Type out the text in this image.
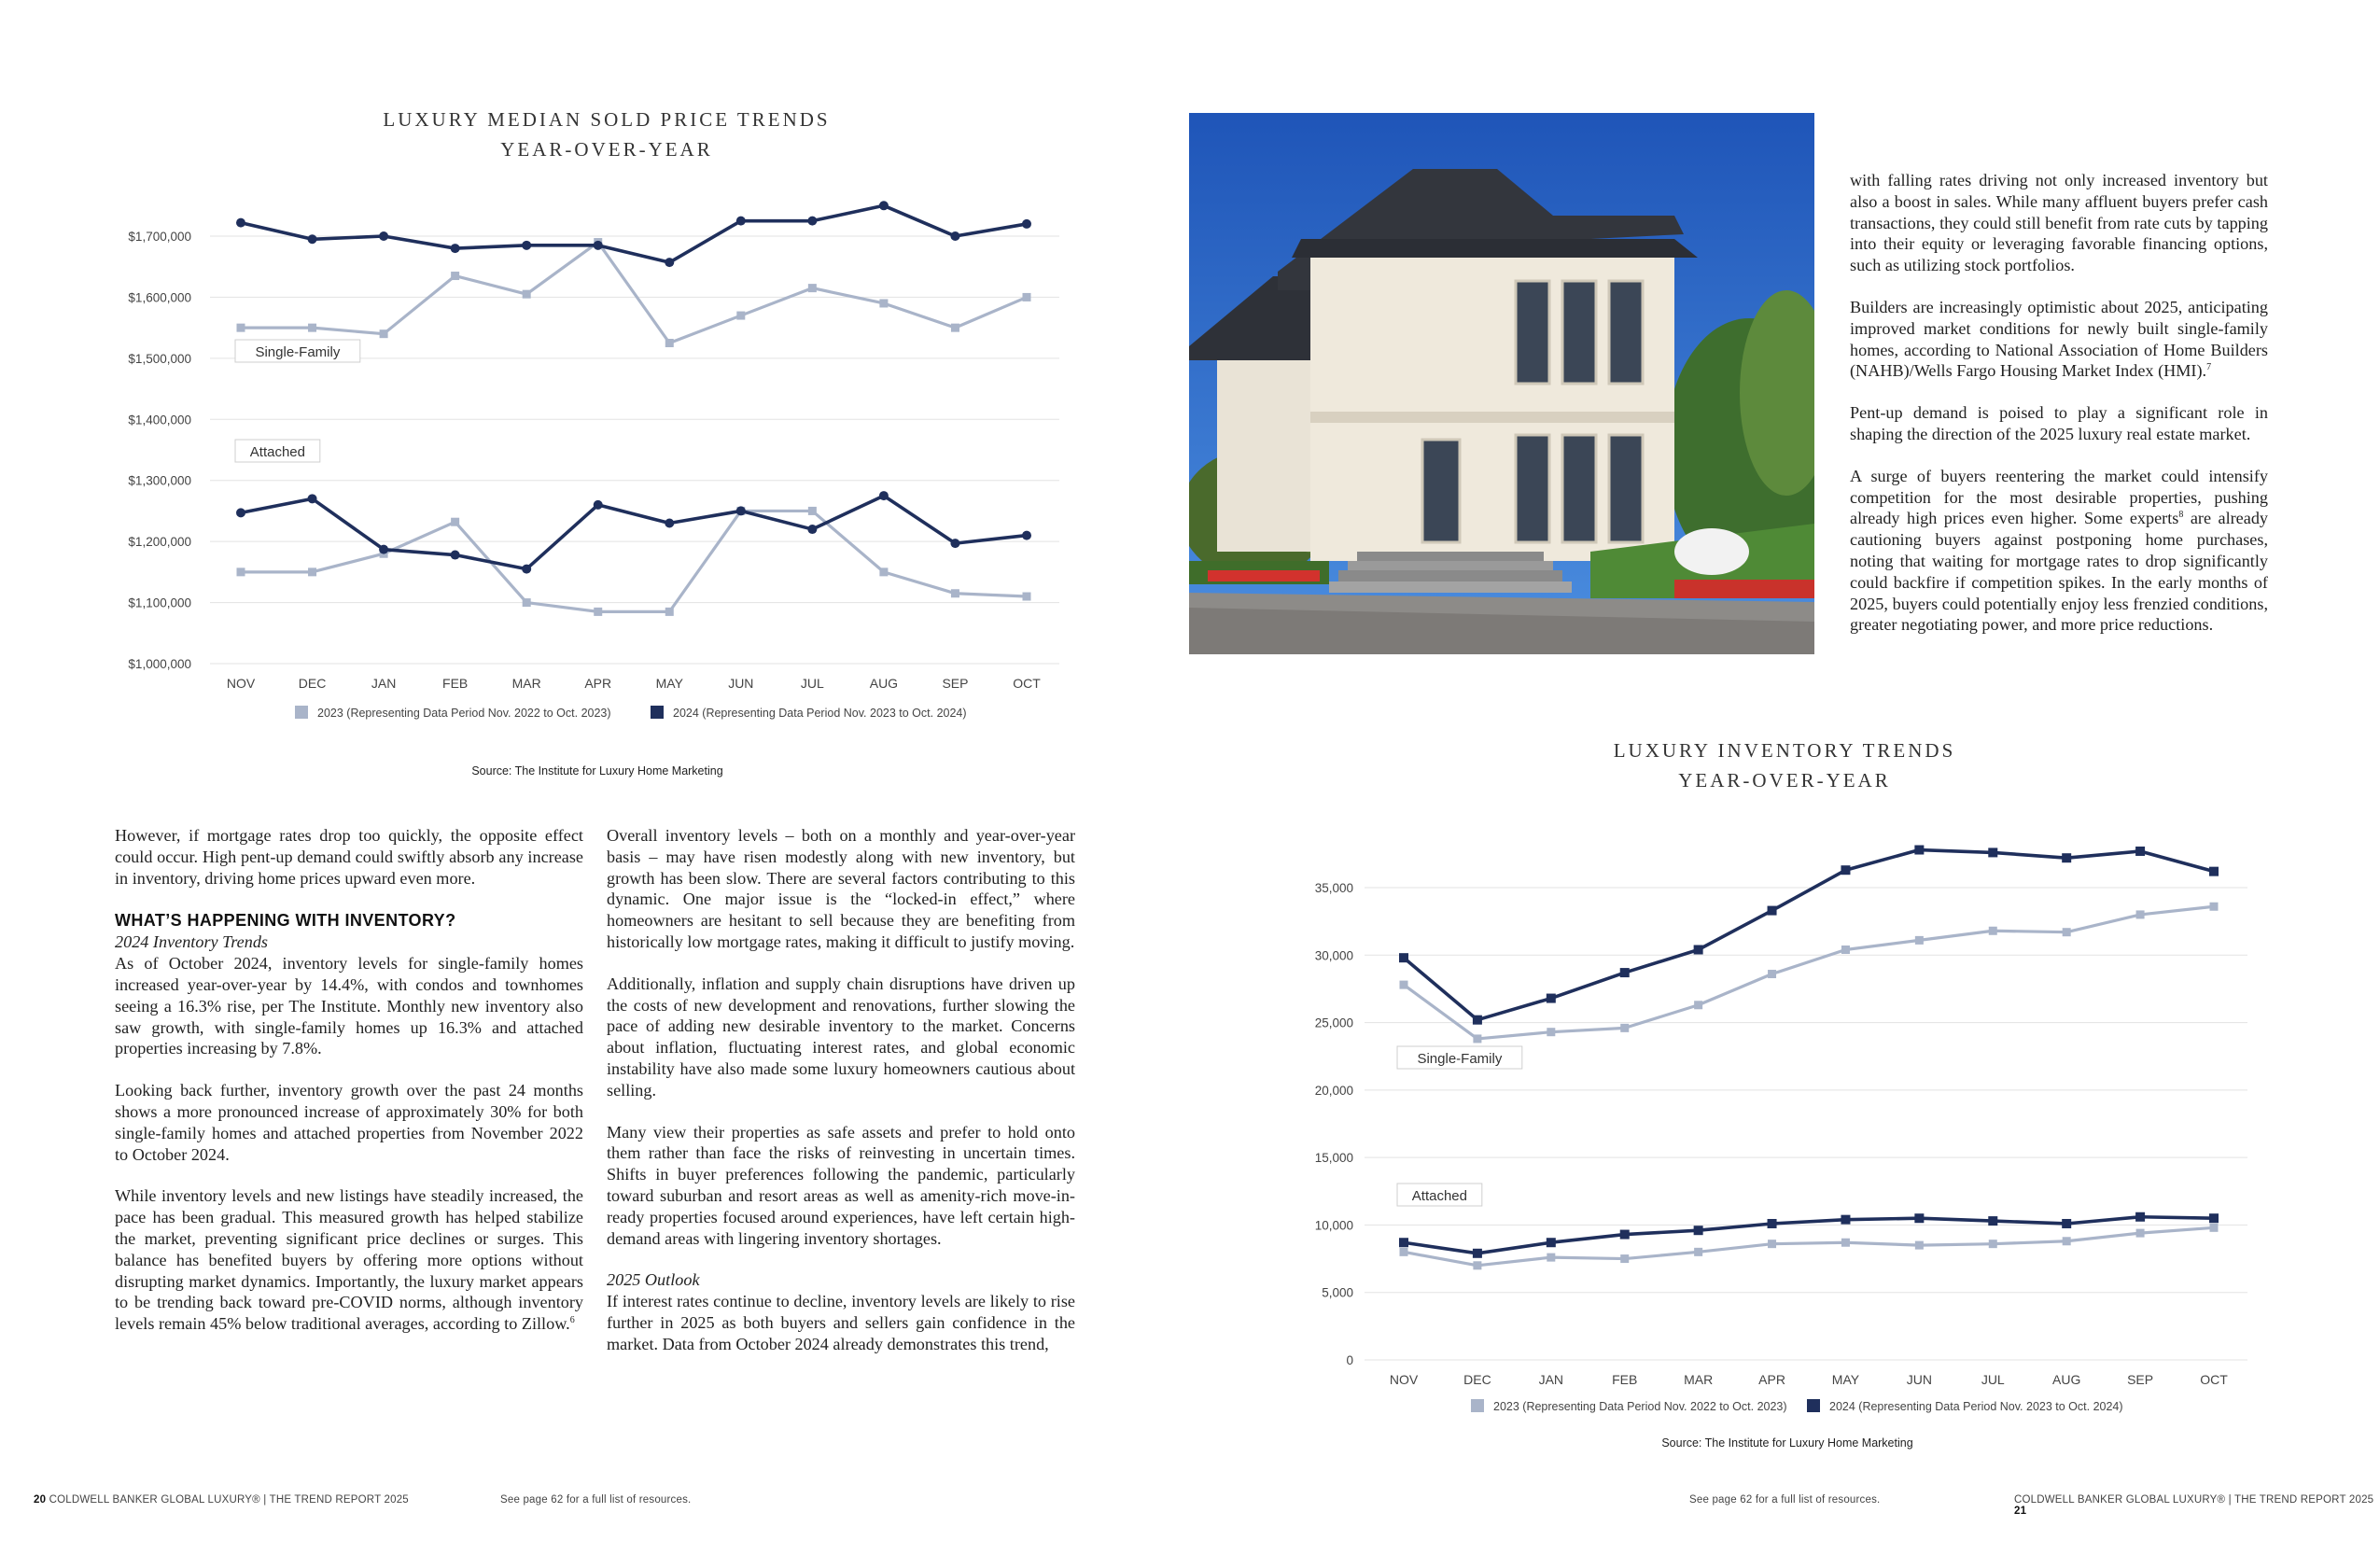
LUXURY MEDIAN SOLD PRICE TRENDS
YEAR-OVER-YEAR
$1,000,000
$1,100,000
$1,200,000
$1,300,000
$1,400,000
$1,500,000
$1,600,000
$1,700,000
NOV	DEC	JAN	FEB	MAR	APR	MAY	JUN	JUL	AUG	SEP	OCT
Single-Family
Attached
2023 (Representing Data Period Nov. 2022 to Oct. 2023)	2024 (Representing Data Period Nov. 2023 to Oct. 2024)
Source: The Institute for Luxury Home Marketing

However, if mortgage rates drop too quickly, the opposite effect could occur. High pent-up demand could swiftly absorb any increase in inventory, driving home prices upward even more.

WHAT’S HAPPENING WITH INVENTORY?
2024 Inventory Trends

As of October 2024, inventory levels for single-family homes increased year-over-year by 14.4%, with condos and townhomes seeing a 16.3% rise, per The Institute. Monthly new inventory also saw growth, with single-family homes up 16.3% and attached properties increasing by 7.8%.

Looking back further, inventory growth over the past 24 months shows a more pronounced increase of approximately 30% for both single-family homes and attached properties from November 2022 to October 2024.

While inventory levels and new listings have steadily increased, the pace has been gradual. This measured growth has helped stabilize the market, preventing significant price declines or surges. This balance has benefited buyers by offering more options without disrupting market dynamics. Importantly, the luxury market appears to be trending back toward pre-COVID norms, although inventory levels remain 45% below traditional averages, according to Zillow.$^6$

Overall inventory levels – both on a monthly and year-over-year basis – may have risen modestly along with new inventory, but growth has been slow. There are several factors contributing to this dynamic. One major issue is the “locked-in effect,” where homeowners are hesitant to sell because they are benefiting from historically low mortgage rates, making it difficult to justify moving.

Additionally, inflation and supply chain disruptions have driven up the costs of new development and renovations, further slowing the pace of adding new desirable inventory to the market. Concerns about inflation, fluctuating interest rates, and global economic instability have also made some luxury homeowners cautious about selling.

Many view their properties as safe assets and prefer to hold onto them rather than face the risks of reinvesting in uncertain times. Shifts in buyer preferences following the pandemic, particularly toward suburban and resort areas as well as amenity-rich move-in-ready properties focused around experiences, have left certain high-demand areas with lingering inventory shortages.

2025 Outlook

If interest rates continue to decline, inventory levels are likely to rise further in 2025 as both buyers and sellers gain confidence in the market. Data from October 2024 already demonstrates this trend,

20 COLDWELL BANKER GLOBAL LUXURY® | THE TREND REPORT 2025	See page 62 for a full list of resources.

with falling rates driving not only increased inventory but also a boost in sales. While many affluent buyers prefer cash transactions, they could still benefit from rate cuts by tapping into their equity or leveraging favorable financing options, such as utilizing stock portfolios.

Builders are increasingly optimistic about 2025, anticipating improved market conditions for newly built single-family homes, according to National Association of Home Builders (NAHB)/Wells Fargo Housing Market Index (HMI).$^7$

Pent-up demand is poised to play a significant role in shaping the direction of the 2025 luxury real estate market.

A surge of buyers reentering the market could intensify competition for the most desirable properties, pushing already high prices even higher. Some experts$^8$ are already cautioning buyers against postponing home purchases, noting that waiting for mortgage rates to drop significantly could backfire if competition spikes. In the early months of 2025, buyers could potentially enjoy less frenzied conditions, greater negotiating power, and more price reductions.

LUXURY INVENTORY TRENDS
YEAR-OVER-YEAR
0
5,000
10,000
15,000
20,000
25,000
30,000
35,000
NOV	DEC	JAN	FEB	MAR	APR	MAY	JUN	JUL	AUG	SEP	OCT
Single-Family
Attached
2023 (Representing Data Period Nov. 2022 to Oct. 2023)	2024 (Representing Data Period Nov. 2023 to Oct. 2024)
Source: The Institute for Luxury Home Marketing
See page 62 for a full list of resources.	COLDWELL BANKER GLOBAL LUXURY® | THE TREND REPORT 2025 21
